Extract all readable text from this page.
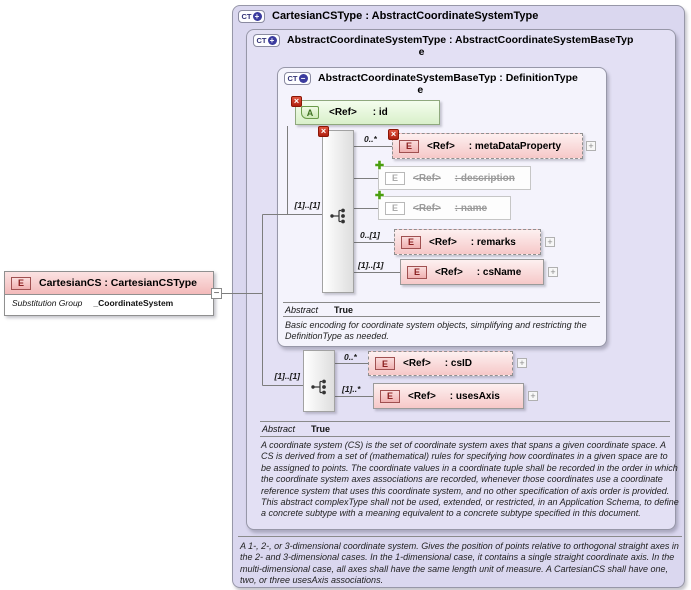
CT + CartesianCSType : AbstractCoordinateSystemType
CT + AbstractCoordinateSystemType : AbstractCoordinateSystemBaseTyp
e
CT − AbstractCoordinateSystemBaseTyp : DefinitionType
e
×
A	<Ref> : id
×
[1]..[1]
0..*	×
E	<Ref> : metaDataProperty	+
✚
E	<Ref> : description
✚
E	<Ref> : name
0..[1]
E	<Ref> : remarks	+
[1]..[1]
E	<Ref> : csName	+
Abstract True
Basic encoding for coordinate system objects, simplifying and restricting the DefinitionType as needed.
[1]..[1]
0..*
E	<Ref> : csID	+
[1]..*
E	<Ref> : usesAxis	+
Abstract True
A coordinate system (CS) is the set of coordinate system axes that spans a given coordinate space. A CS is derived from a set of (mathematical) rules for specifying how coordinates in a given space are to be assigned to points. The coordinate values in a coordinate tuple shall be recorded in the order in which the coordinate system axes associations are recorded, whenever those coordinates use a coordinate reference system that uses this coordinate system, and no other specification of axis order is provided. This abstract complexType shall not be used, extended, or restricted, in an Application Schema, to define a concrete subtype with a meaning equivalent to a concrete subtype specified in this document.
A 1-, 2-, or 3-dimensional coordinate system. Gives the position of points relative to orthogonal straight axes in the 2- and 3-dimensional cases. In the 1-dimensional case, it contains a single straight coordinate axis. In the multi-dimensional case, all axes shall have the same length unit of measure. A CartesianCS shall have one, two, or three usesAxis associations.
E	CartesianCS : CartesianCSType
Substitution Group _CoordinateSystem
−
